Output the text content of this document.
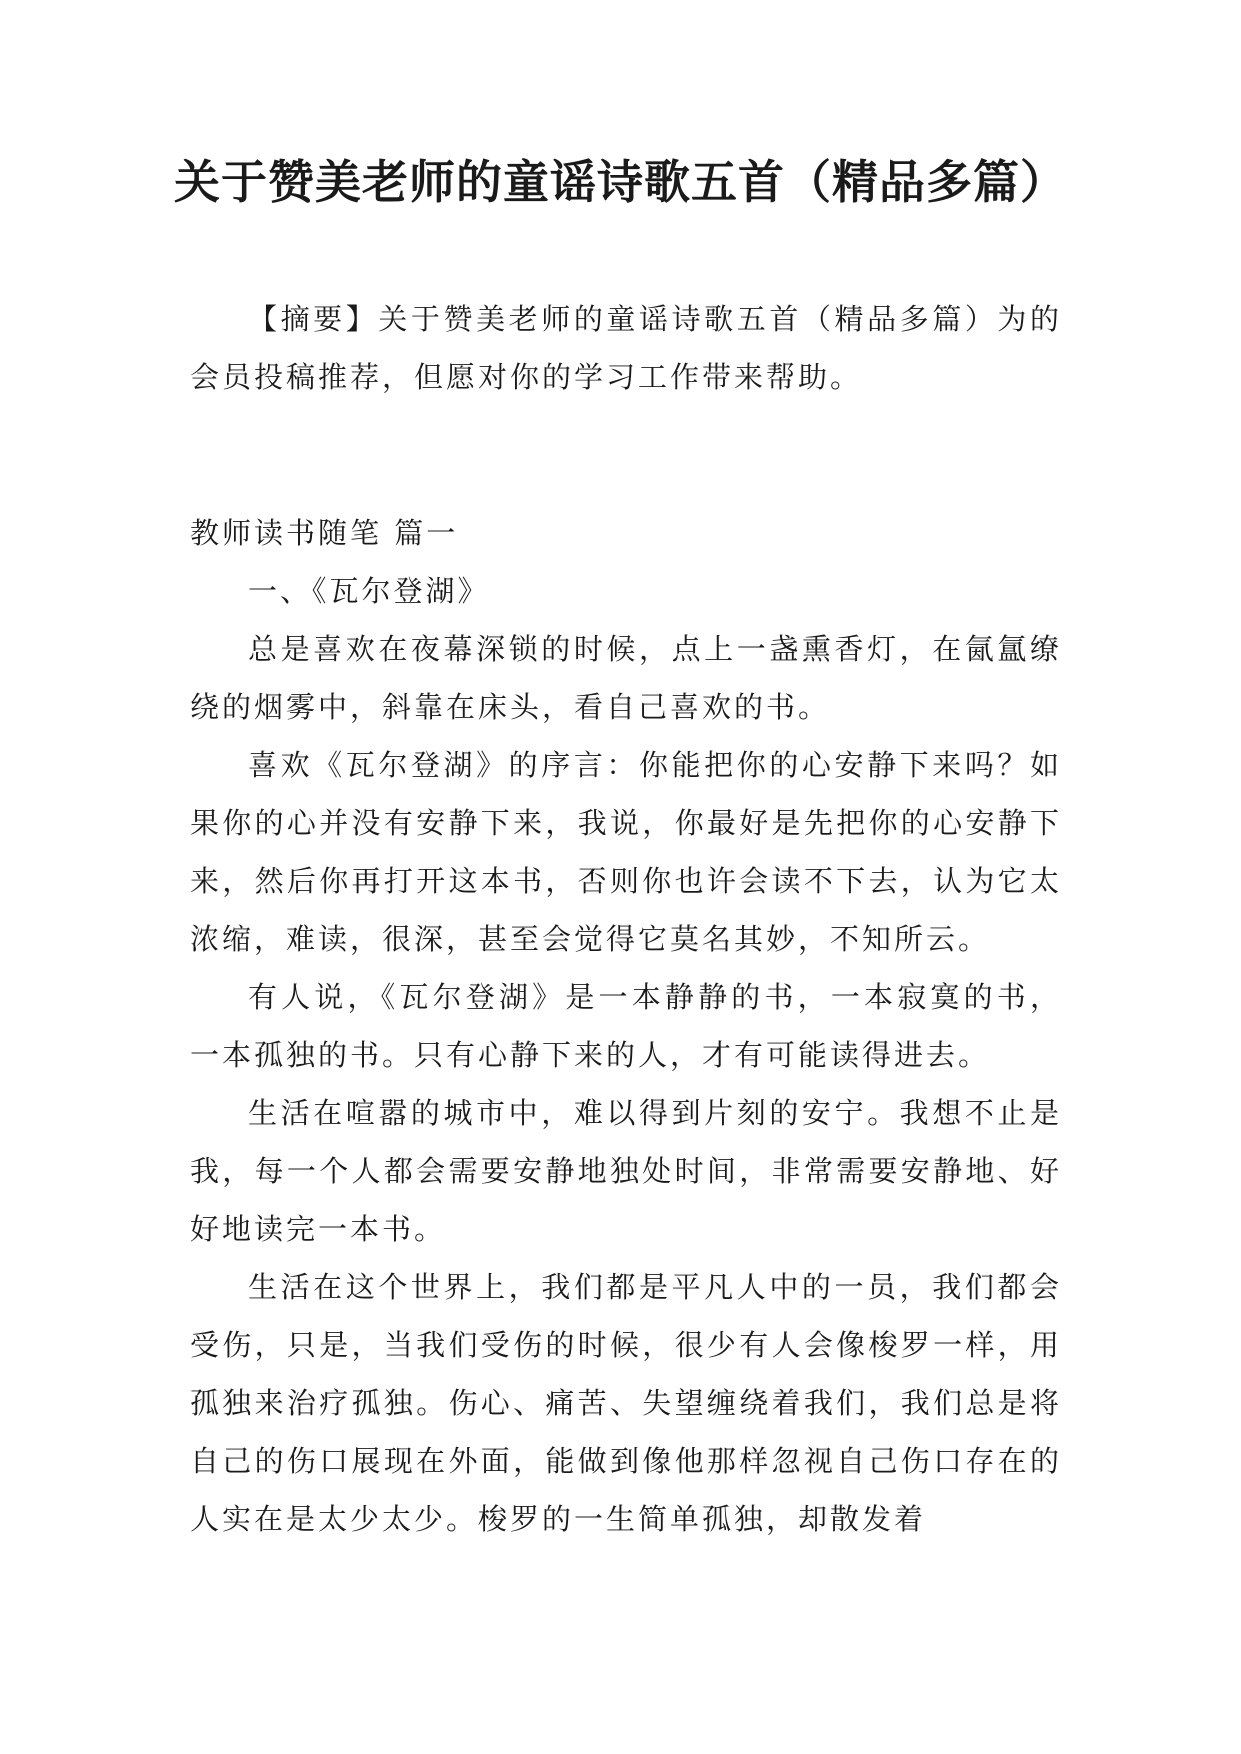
关于赞美老师的童谣诗歌五首（精品多篇）

【摘要】关于赞美老师的童谣诗歌五首（精品多篇）为的会员投稿推荐，但愿对你的学习工作带来帮助。

教师读书随笔 篇一

一、《瓦尔登湖》

总是喜欢在夜幕深锁的时候，点上一盏熏香灯，在氤氲缭绕的烟雾中，斜靠在床头，看自己喜欢的书。

喜欢《瓦尔登湖》的序言：你能把你的心安静下来吗？如果你的心并没有安静下来，我说，你最好是先把你的心安静下来，然后你再打开这本书，否则你也许会读不下去，认为它太浓缩，难读，很深，甚至会觉得它莫名其妙，不知所云。

有人说，《瓦尔登湖》是一本静静的书，一本寂寞的书，一本孤独的书。只有心静下来的人，才有可能读得进去。

生活在喧嚣的城市中，难以得到片刻的安宁。我想不止是我，每一个人都会需要安静地独处时间，非常需要安静地、好好地读完一本书。

生活在这个世界上，我们都是平凡人中的一员，我们都会受伤，只是，当我们受伤的时候，很少有人会像梭罗一样，用孤独来治疗孤独。伤心、痛苦、失望缠绕着我们，我们总是将自己的伤口展现在外面，能做到像他那样忽视自己伤口存在的人实在是太少太少。梭罗的一生简单孤独，却散发着
